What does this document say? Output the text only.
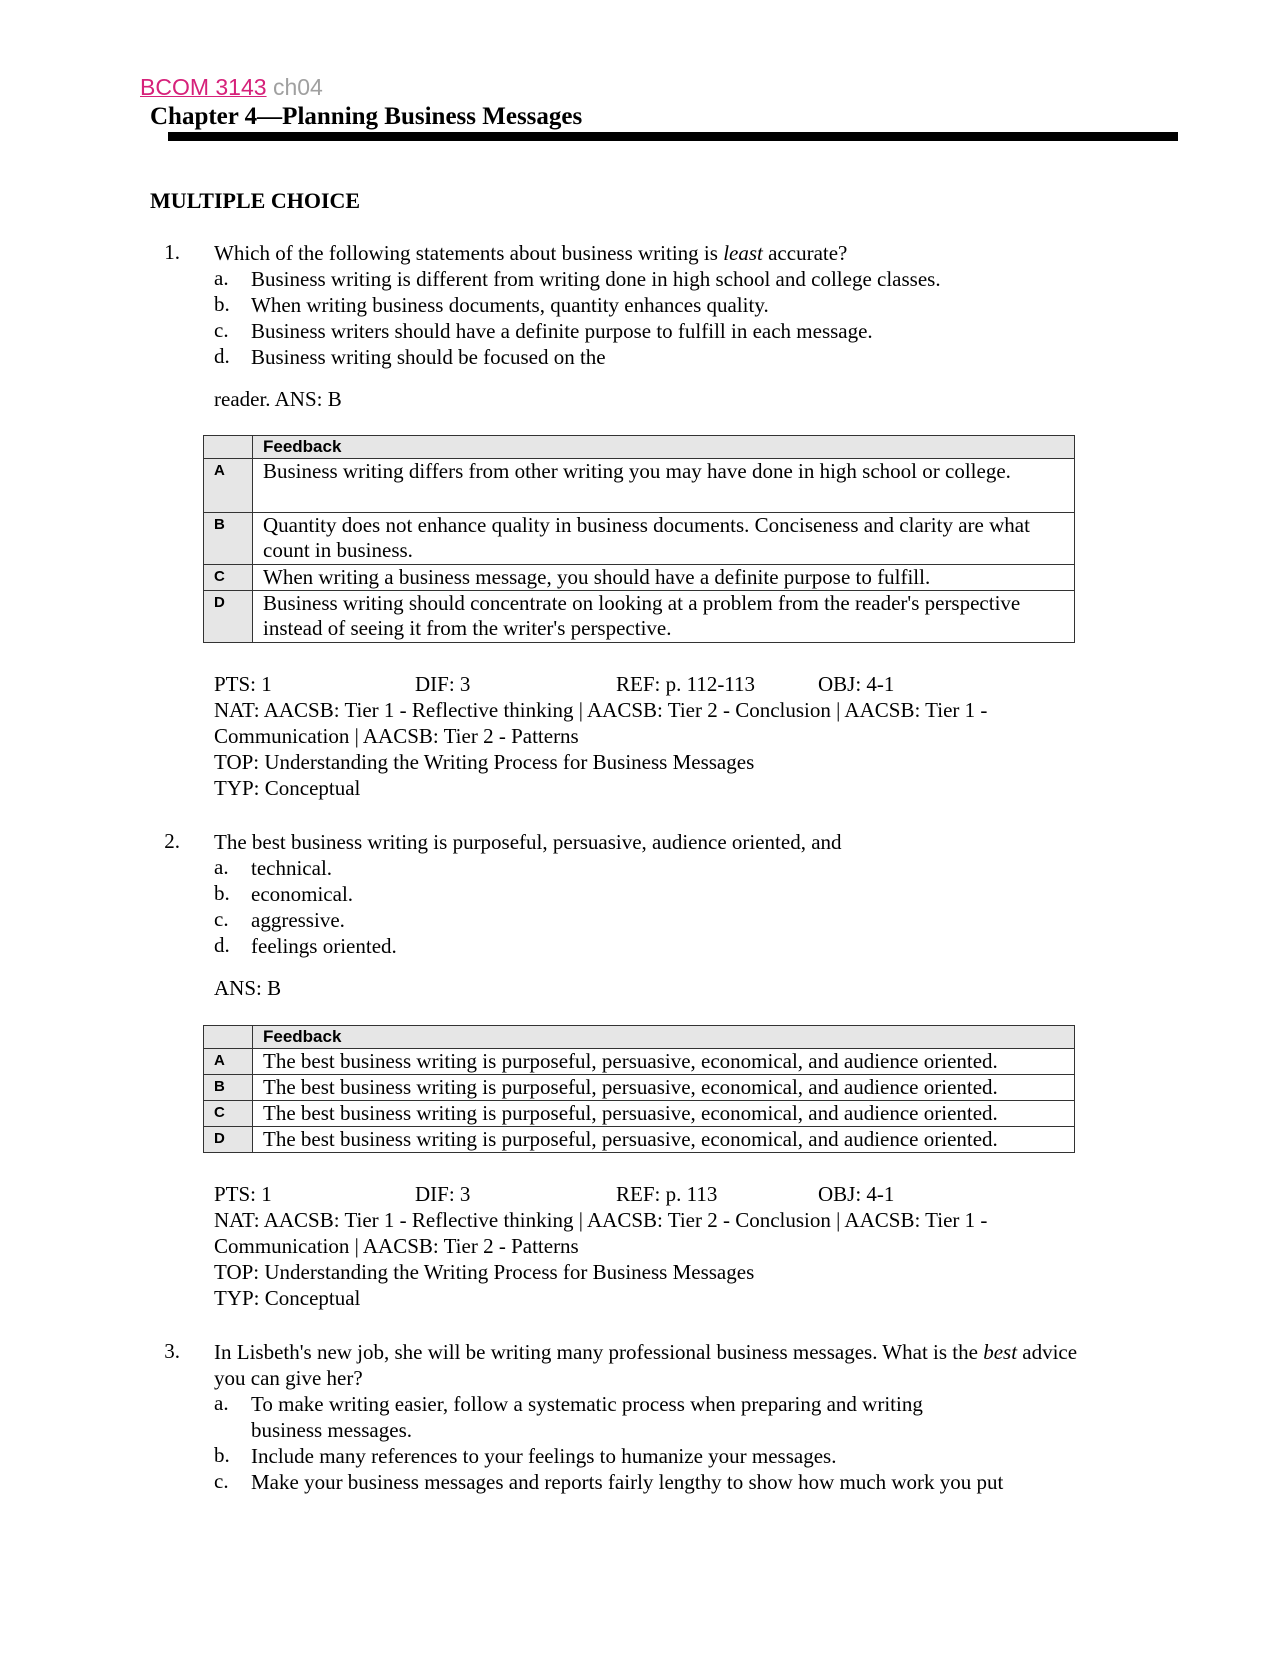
BCOM 3143 ch04
Chapter 4—Planning Business Messages
MULTIPLE CHOICE
1. Which of the following statements about business writing is least accurate?
a. Business writing is different from writing done in high school and college classes.
b. When writing business documents, quantity enhances quality.
c. Business writers should have a definite purpose to fulfill in each message.
d. Business writing should be focused on the
reader. ANS: B
	Feedback
A	Business writing differs from other writing you may have done in high school or college.
B	Quantity does not enhance quality in business documents. Conciseness and clarity are what count in business.
C	When writing a business message, you should have a definite purpose to fulfill.
D	Business writing should concentrate on looking at a problem from the reader's perspective instead of seeing it from the writer's perspective.
PTS: 1	DIF: 3	REF: p. 112-113	OBJ: 4-1
NAT: AACSB: Tier 1 - Reflective thinking | AACSB: Tier 2 - Conclusion | AACSB: Tier 1 -
Communication | AACSB: Tier 2 - Patterns
TOP: Understanding the Writing Process for Business Messages
TYP: Conceptual
2. The best business writing is purposeful, persuasive, audience oriented, and
a. technical.
b. economical.
c. aggressive.
d. feelings oriented.
ANS: B
	Feedback
A	The best business writing is purposeful, persuasive, economical, and audience oriented.
B	The best business writing is purposeful, persuasive, economical, and audience oriented.
C	The best business writing is purposeful, persuasive, economical, and audience oriented.
D	The best business writing is purposeful, persuasive, economical, and audience oriented.
PTS: 1	DIF: 3	REF: p. 113	OBJ: 4-1
NAT: AACSB: Tier 1 - Reflective thinking | AACSB: Tier 2 - Conclusion | AACSB: Tier 1 -
Communication | AACSB: Tier 2 - Patterns
TOP: Understanding the Writing Process for Business Messages
TYP: Conceptual
3. In Lisbeth's new job, she will be writing many professional business messages. What is the best advice
you can give her?
a. To make writing easier, follow a systematic process when preparing and writing
business messages.
b. Include many references to your feelings to humanize your messages.
c. Make your business messages and reports fairly lengthy to show how much work you put
